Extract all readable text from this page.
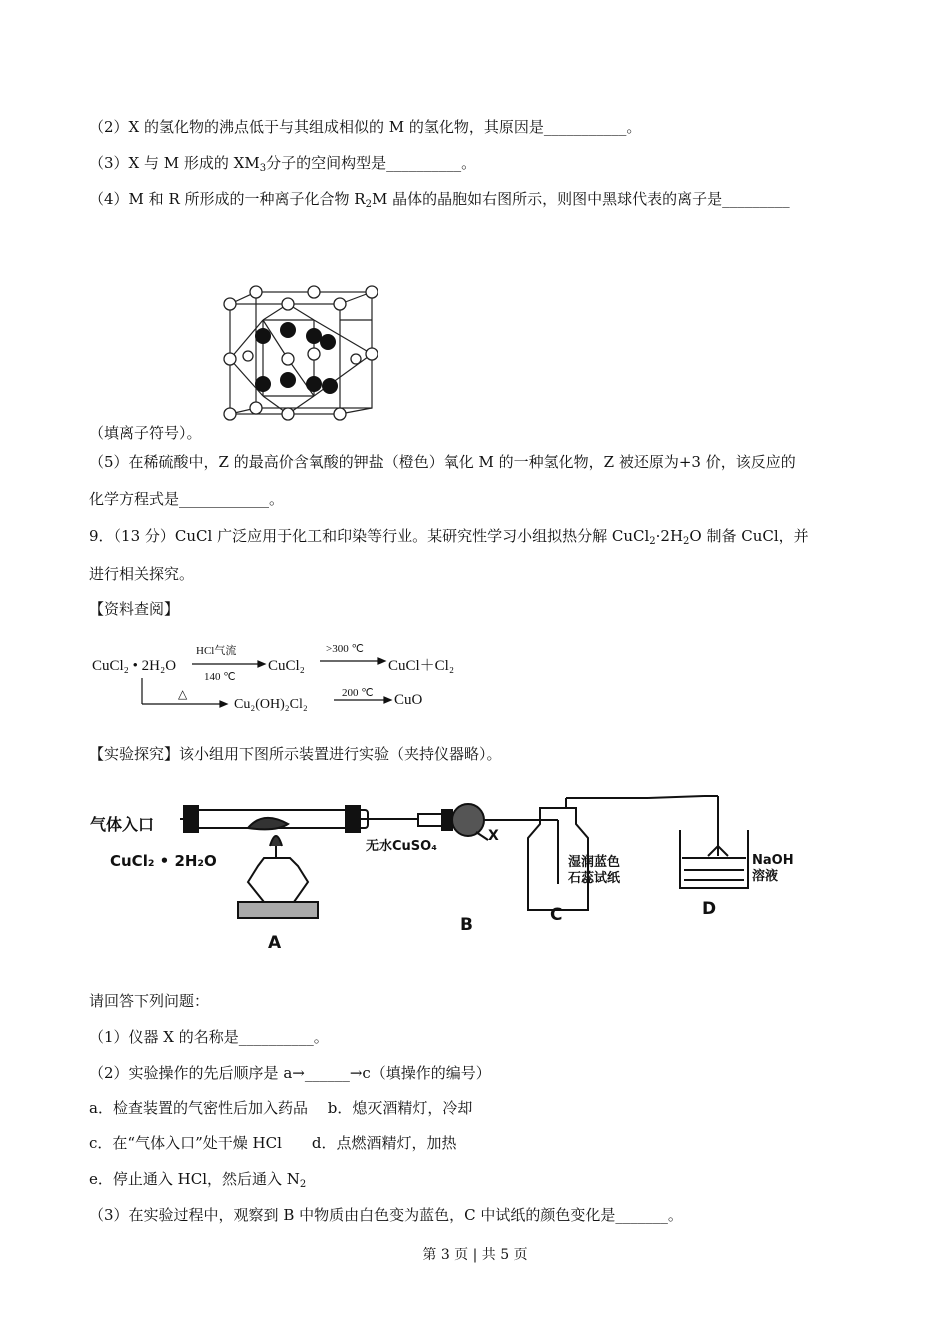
（2）X 的氢化物的沸点低于与其组成相似的 M 的氢化物，其原因是___________。
（3）X 与 M 形成的 $XM_3$分子的空间构型是__________。
（4）M 和 R 所形成的一种离子化合物 $R_2M$ 晶体的晶胞如右图所示，则图中黑球代表的离子是_________
（填离子符号）。
（5）在稀硫酸中，Z 的最高价含氧酸的钾盐（橙色）氧化 M 的一种氢化物，Z 被还原为+3 价，该反应的
化学方程式是____________。
9．（13 分）CuCl 广泛应用于化工和印染等行业。某研究性学习小组拟热分解 $CuCl_2\cdot 2H_2O$ 制备 CuCl，并
进行相关探究。
【资料查阅】
CuCl₂ • 2H₂O
HCl气流
140 ℃
CuCl₂
>300 ℃
CuCl＋Cl₂
△
Cu₂(OH)₂Cl₂
200 ℃ CuO
【实验探究】该小组用下图所示装置进行实验（夹持仪器略）。
气体入口
CuCl₂ • 2H₂O
无水CuSO₄
X
湿润蓝色
石蕊试纸
NaOH
溶液
A
B	C	D
请回答下列问题：
（1）仪器 X 的名称是__________。
（2）实验操作的先后顺序是 a→______→c（填操作的编号）
a．检查装置的气密性后加入药品　 b．熄灭酒精灯，冷却
c．在“气体入口”处干燥 HCl　　d．点燃酒精灯，加热
e．停止通入 HCl，然后通入 $N_2$
（3）在实验过程中，观察到 B 中物质由白色变为蓝色，C 中试纸的颜色变化是_______。
第 3 页 | 共 5 页
